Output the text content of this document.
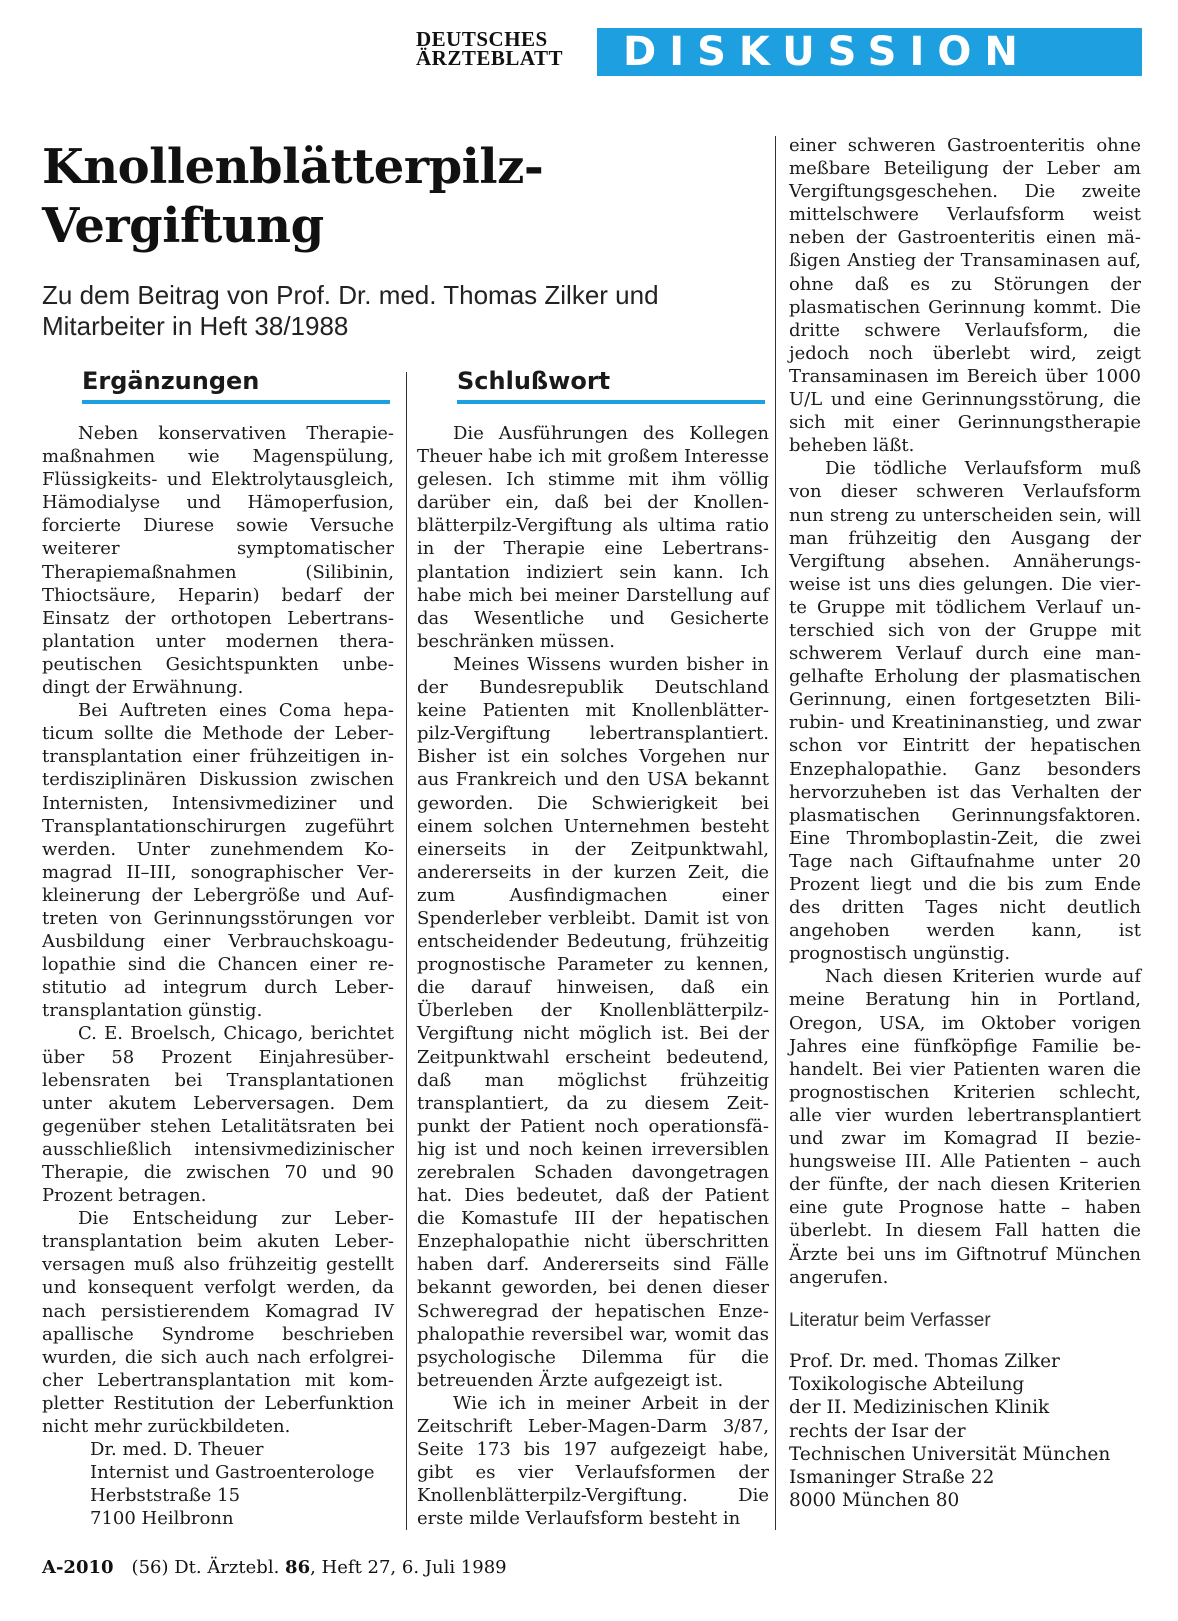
DEUTSCHES
ÄRZTEBLATT	DISKUSSION
Knollenblätterpilz-Vergiftung
Zu dem Beitrag von Prof. Dr. med. Thomas Zilker und Mitarbeiter in Heft 38/1988
Ergänzungen

Neben konservativen Therapiemaßnahmen wie Magenspülung, Flüssigkeits- und Elektrolytausgleich, Hämodialyse und Hämoperfusion, forcierte Diurese sowie Versuche weiterer symptomatischer Therapiemaßnahmen (Silibinin, Thioctsäure, Heparin) bedarf der Einsatz der orthotopen Lebertransplantation unter modernen therapeutischen Gesichtspunkten unbedingt der Erwähnung.

Bei Auftreten eines Coma hepaticum sollte die Methode der Lebertransplantation einer frühzeitigen interdisziplinären Diskussion zwischen Internisten, Intensivmediziner und Transplantationschirurgen zugeführt werden. Unter zunehmendem Komagrad II–III, sonographischer Verkleinerung der Lebergröße und Auftreten von Gerinnungsstörungen vor Ausbildung einer Verbrauchskoagulopathie sind die Chancen einer restitutio ad integrum durch Lebertransplantation günstig.

C. E. Broelsch, Chicago, berichtet über 58 Prozent Einjahresüberlebensraten bei Transplantationen unter akutem Leberversagen. Dem gegenüber stehen Letalitätsraten bei ausschließlich intensivmedizinischer Therapie, die zwischen 70 und 90 Prozent betragen.

Die Entscheidung zur Lebertransplantation beim akuten Leberversagen muß also frühzeitig gestellt und konsequent verfolgt werden, da nach persistierendem Komagrad IV apallische Syndrome beschrieben wurden, die sich auch nach erfolgreicher Lebertransplantation mit kompletter Restitution der Leberfunktion nicht mehr zurückbildeten.

Dr. med. D. Theuer
Internist und Gastroenterologe
Herbststraße 15
7100 Heilbronn
Schlußwort

Die Ausführungen des Kollegen Theuer habe ich mit großem Interesse gelesen. Ich stimme mit ihm völlig darüber ein, daß bei der Knollenblätterpilz-Vergiftung als ultima ratio in der Therapie eine Lebertransplantation indiziert sein kann. Ich habe mich bei meiner Darstellung auf das Wesentliche und Gesicherte beschränken müssen.

Meines Wissens wurden bisher in der Bundesrepublik Deutschland keine Patienten mit Knollenblätterpilz-Vergiftung lebertransplantiert. Bisher ist ein solches Vorgehen nur aus Frankreich und den USA bekannt geworden. Die Schwierigkeit bei einem solchen Unternehmen besteht einerseits in der Zeitpunktwahl, andererseits in der kurzen Zeit, die zum Ausfindigmachen einer Spenderleber verbleibt. Damit ist von entscheidender Bedeutung, frühzeitig prognostische Parameter zu kennen, die darauf hinweisen, daß ein Überleben der Knollenblätterpilz-Vergiftung nicht möglich ist. Bei der Zeitpunktwahl erscheint bedeutend, daß man möglichst frühzeitig transplantiert, da zu diesem Zeitpunkt der Patient noch operationsfähig ist und noch keinen irreversiblen zerebralen Schaden davongetragen hat. Dies bedeutet, daß der Patient die Komastufe III der hepatischen Enzephalopathie nicht überschritten haben darf. Andererseits sind Fälle bekannt geworden, bei denen dieser Schweregrad der hepatischen Enzephalopathie reversibel war, womit das psychologische Dilemma für die betreuenden Ärzte aufgezeigt ist.

Wie ich in meiner Arbeit in der Zeitschrift Leber-Magen-Darm 3/87, Seite 173 bis 197 aufgezeigt habe, gibt es vier Verlaufsformen der Knollenblätterpilz-Vergiftung. Die erste milde Verlaufsform besteht in

einer schweren Gastroenteritis ohne meßbare Beteiligung der Leber am Vergiftungsgeschehen. Die zweite mittelschwere Verlaufsform weist neben der Gastroenteritis einen mäßigen Anstieg der Transaminasen auf, ohne daß es zu Störungen der plasmatischen Gerinnung kommt. Die dritte schwere Verlaufsform, die jedoch noch überlebt wird, zeigt Transaminasen im Bereich über 1000 U/L und eine Gerinnungsstörung, die sich mit einer Gerinnungstherapie beheben läßt.

Die tödliche Verlaufsform muß von dieser schweren Verlaufsform nun streng zu unterscheiden sein, will man frühzeitig den Ausgang der Vergiftung absehen. Annäherungsweise ist uns dies gelungen. Die vierte Gruppe mit tödlichem Verlauf unterschied sich von der Gruppe mit schwerem Verlauf durch eine mangelhafte Erholung der plasmatischen Gerinnung, einen fortgesetzten Bilirubin- und Kreatininanstieg, und zwar schon vor Eintritt der hepatischen Enzephalopathie. Ganz besonders hervorzuheben ist das Verhalten der plasmatischen Gerinnungsfaktoren. Eine Thromboplastin-Zeit, die zwei Tage nach Giftaufnahme unter 20 Prozent liegt und die bis zum Ende des dritten Tages nicht deutlich angehoben werden kann, ist prognostisch ungünstig.

Nach diesen Kriterien wurde auf meine Beratung hin in Portland, Oregon, USA, im Oktober vorigen Jahres eine fünfköpfige Familie behandelt. Bei vier Patienten waren die prognostischen Kriterien schlecht, alle vier wurden lebertransplantiert und zwar im Komagrad II beziehungsweise III. Alle Patienten – auch der fünfte, der nach diesen Kriterien eine gute Prognose hatte – haben überlebt. In diesem Fall hatten die Ärzte bei uns im Giftnotruf München angerufen.

Literatur beim Verfasser
Prof. Dr. med. Thomas Zilker
Toxikologische Abteilung
der II. Medizinischen Klinik
rechts der Isar der
Technischen Universität München
Ismaninger Straße 22
8000 München 80
A-2010 (56) Dt. Ärztebl. 86, Heft 27, 6. Juli 1989
